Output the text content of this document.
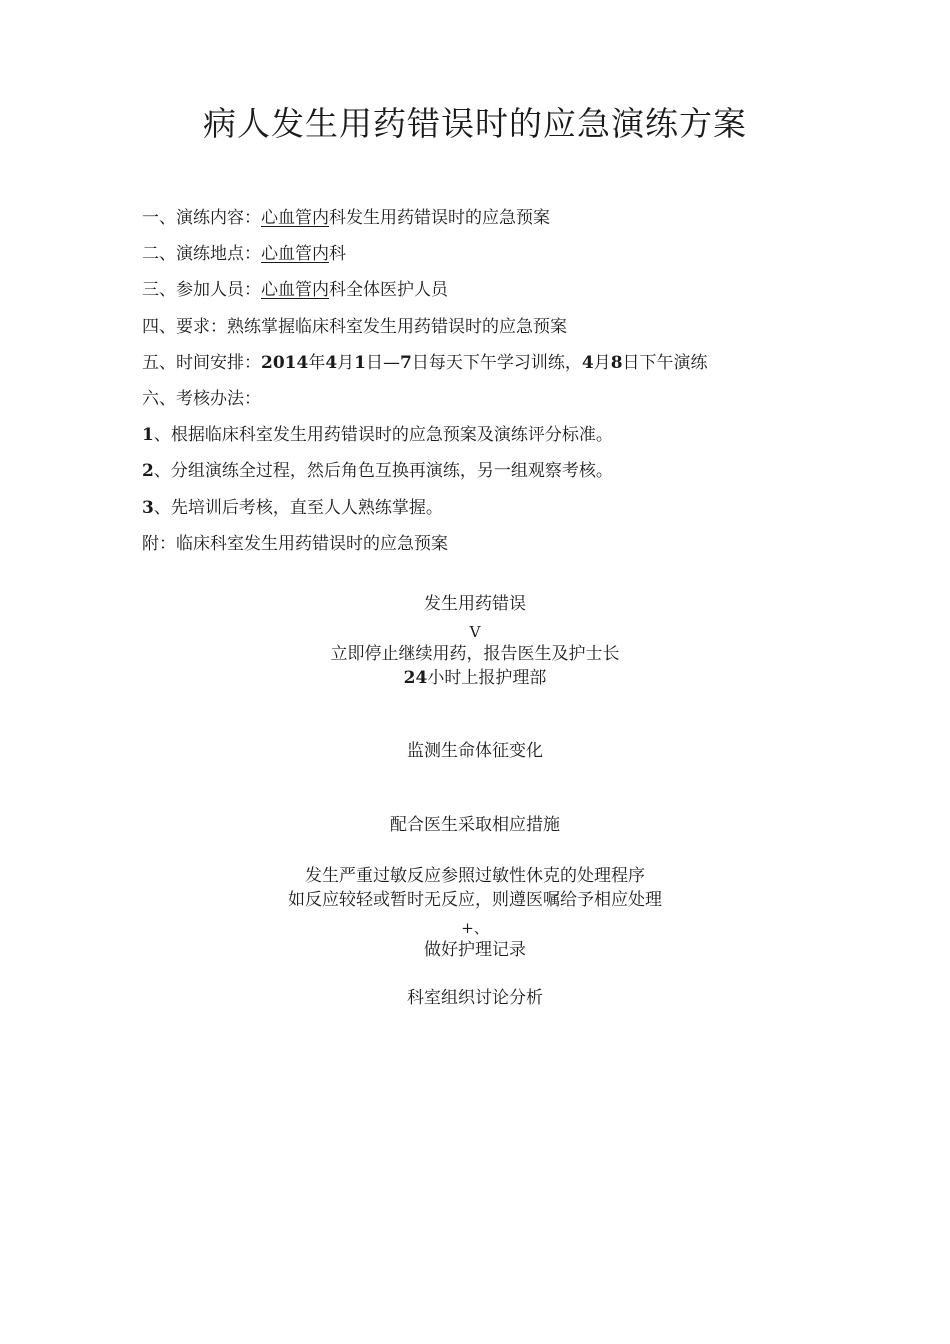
病人发生用药错误时的应急演练方案
一、演练内容：心血管内科发生用药错误时的应急预案
二、演练地点：心血管内科
三、参加人员：心血管内科全体医护人员
四、要求：熟练掌握临床科室发生用药错误时的应急预案
五、时间安排：2014年4月1日—7日每天下午学习训练，4月8日下午演练
六、考核办法：
1、根据临床科室发生用药错误时的应急预案及演练评分标准。
2、分组演练全过程，然后角色互换再演练，另一组观察考核。
3、先培训后考核，直至人人熟练掌握。
附：临床科室发生用药错误时的应急预案
发生用药错误
V
立即停止继续用药，报告医生及护士长
24小时上报护理部
监测生命体征变化
配合医生采取相应措施
发生严重过敏反应参照过敏性休克的处理程序
如反应较轻或暂时无反应，则遵医嘱给予相应处理
+、
做好护理记录
科室组织讨论分析
